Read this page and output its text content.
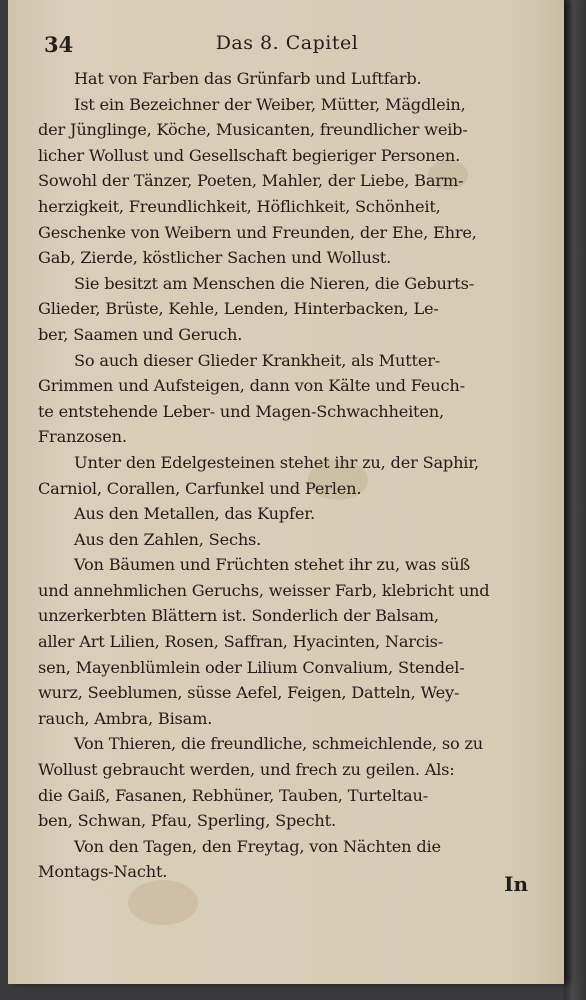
34	Das 8. Capitel
Hat von Farben das Grünfarb und Luftfarb.
Ist ein Bezeichner der Weiber, Mütter, Mägdlein,
der Jünglinge, Köche, Musicanten, freundlicher weib-
licher Wollust und Gesellschaft begieriger Personen.
Sowohl der Tänzer, Poeten, Mahler, der Liebe, Barm-
herzigkeit, Freundlichkeit, Höflichkeit, Schönheit,
Geschenke von Weibern und Freunden, der Ehe, Ehre,
Gab, Zierde, köstlicher Sachen und Wollust.
Sie besitzt am Menschen die Nieren, die Geburts-
Glieder, Brüste, Kehle, Lenden, Hinterbacken, Le-
ber, Saamen und Geruch.
So auch dieser Glieder Krankheit, als Mutter-
Grimmen und Aufsteigen, dann von Kälte und Feuch-
te entstehende Leber- und Magen-Schwachheiten,
Franzosen.
Unter den Edelgesteinen stehet ihr zu, der Saphir,
Carniol, Corallen, Carfunkel und Perlen.
Aus den Metallen, das Kupfer.
Aus den Zahlen, Sechs.
Von Bäumen und Früchten stehet ihr zu, was süß
und annehmlichen Geruchs, weisser Farb, klebricht und
unzerkerbten Blättern ist. Sonderlich der Balsam,
aller Art Lilien, Rosen, Saffran, Hyacinten, Narcis-
sen, Mayenblümlein oder Lilium Convalium, Stendel-
wurz, Seeblumen, süsse Aefel, Feigen, Datteln, Wey-
rauch, Ambra, Bisam.
Von Thieren, die freundliche, schmeichlende, so zu
Wollust gebraucht werden, und frech zu geilen. Als:
die Gaiß, Fasanen, Rebhüner, Tauben, Turteltau-
ben, Schwan, Pfau, Sperling, Specht.
Von den Tagen, den Freytag, von Nächten die
Montags-Nacht.
In
